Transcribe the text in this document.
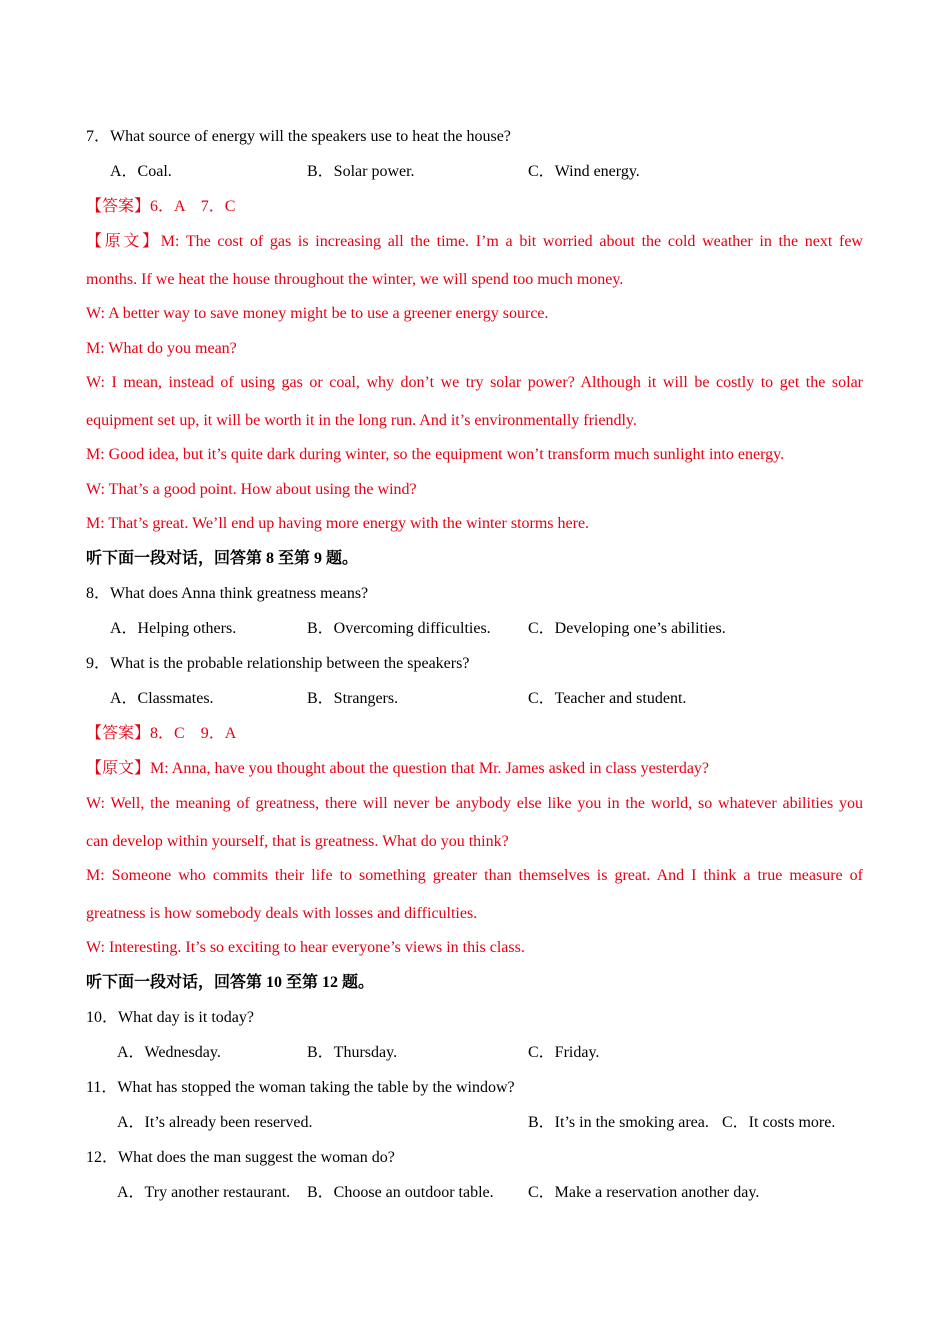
7．What source of energy will the speakers use to heat the house?
A．Coal.	B．Solar power.	C．Wind energy.
【答案】6．A　7．C
【原文】M: The cost of gas is increasing all the time. I’m a bit worried about the cold weather in the next few
months. If we heat the house throughout the winter, we will spend too much money.
W: A better way to save money might be to use a greener energy source.
M: What do you mean?
W: I mean, instead of using gas or coal, why don’t we try solar power? Although it will be costly to get the solar
equipment set up, it will be worth it in the long run. And it’s environmentally friendly.
M: Good idea, but it’s quite dark during winter, so the equipment won’t transform much sunlight into energy.
W: That’s a good point. How about using the wind?
M: That’s great. We’ll end up having more energy with the winter storms here.
听下面一段对话，回答第 8 至第 9 题。
8．What does Anna think greatness means?
A．Helping others.	B．Overcoming difficulties. C．Developing one’s abilities.
9．What is the probable relationship between the speakers?
A．Classmates.	B．Strangers.	C．Teacher and student.
【答案】8．C　9．A
【原文】M: Anna, have you thought about the question that Mr. James asked in class yesterday?
W: Well, the meaning of greatness, there will never be anybody else like you in the world, so whatever abilities you
can develop within yourself, that is greatness. What do you think?
M: Someone who commits their life to something greater than themselves is great. And I think a true measure of
greatness is how somebody deals with losses and difficulties.
W: Interesting. It’s so exciting to hear everyone’s views in this class.
听下面一段对话，回答第 10 至第 12 题。
10．What day is it today?
A．Wednesday.	B．Thursday.	C．Friday.
11．What has stopped the woman taking the table by the window?
A．It’s already been reserved.	B．It’s in the smoking area. C．It costs more.
12．What does the man suggest the woman do?
A．Try another restaurant. B．Choose an outdoor table. C．Make a reservation another day.
